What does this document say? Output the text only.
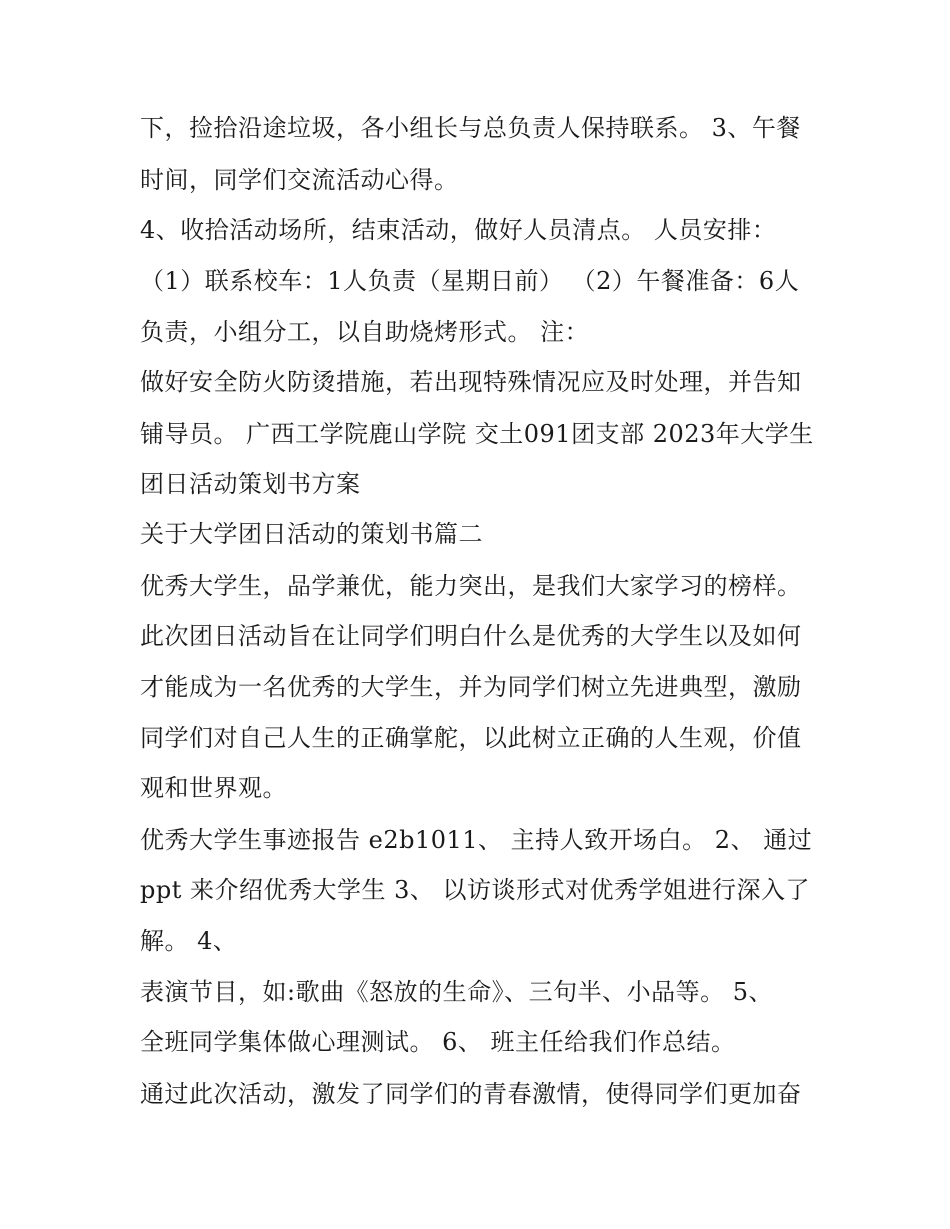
下，捡拾沿途垃圾，各小组长与总负责人保持联系。 3、午餐
时间，同学们交流活动心得。
4、收拾活动场所，结束活动，做好人员清点。 人员安排：
（1）联系校车：1人负责（星期日前） （2）午餐准备：6人
负责，小组分工，以自助烧烤形式。 注：
做好安全防火防烫措施，若出现特殊情况应及时处理，并告知
铺导员。 广西工学院鹿山学院 交土091团支部 2023年大学生
团日活动策划书方案
关于大学团日活动的策划书篇二
优秀大学生，品学兼优，能力突出，是我们大家学习的榜样。
此次团日活动旨在让同学们明白什么是优秀的大学生以及如何
才能成为一名优秀的大学生，并为同学们树立先进典型，激励
同学们对自己人生的正确掌舵，以此树立正确的人生观，价值
观和世界观。
优秀大学生事迹报告 e2b1011、 主持人致开场白。 2、 通过
ppt 来介绍优秀大学生 3、 以访谈形式对优秀学姐进行深入了
解。 4、
表演节目，如:歌曲《怒放的生命》、三句半、小品等。 5、
全班同学集体做心理测试。 6、 班主任给我们作总结。
通过此次活动，激发了同学们的青春激情，使得同学们更加奋
